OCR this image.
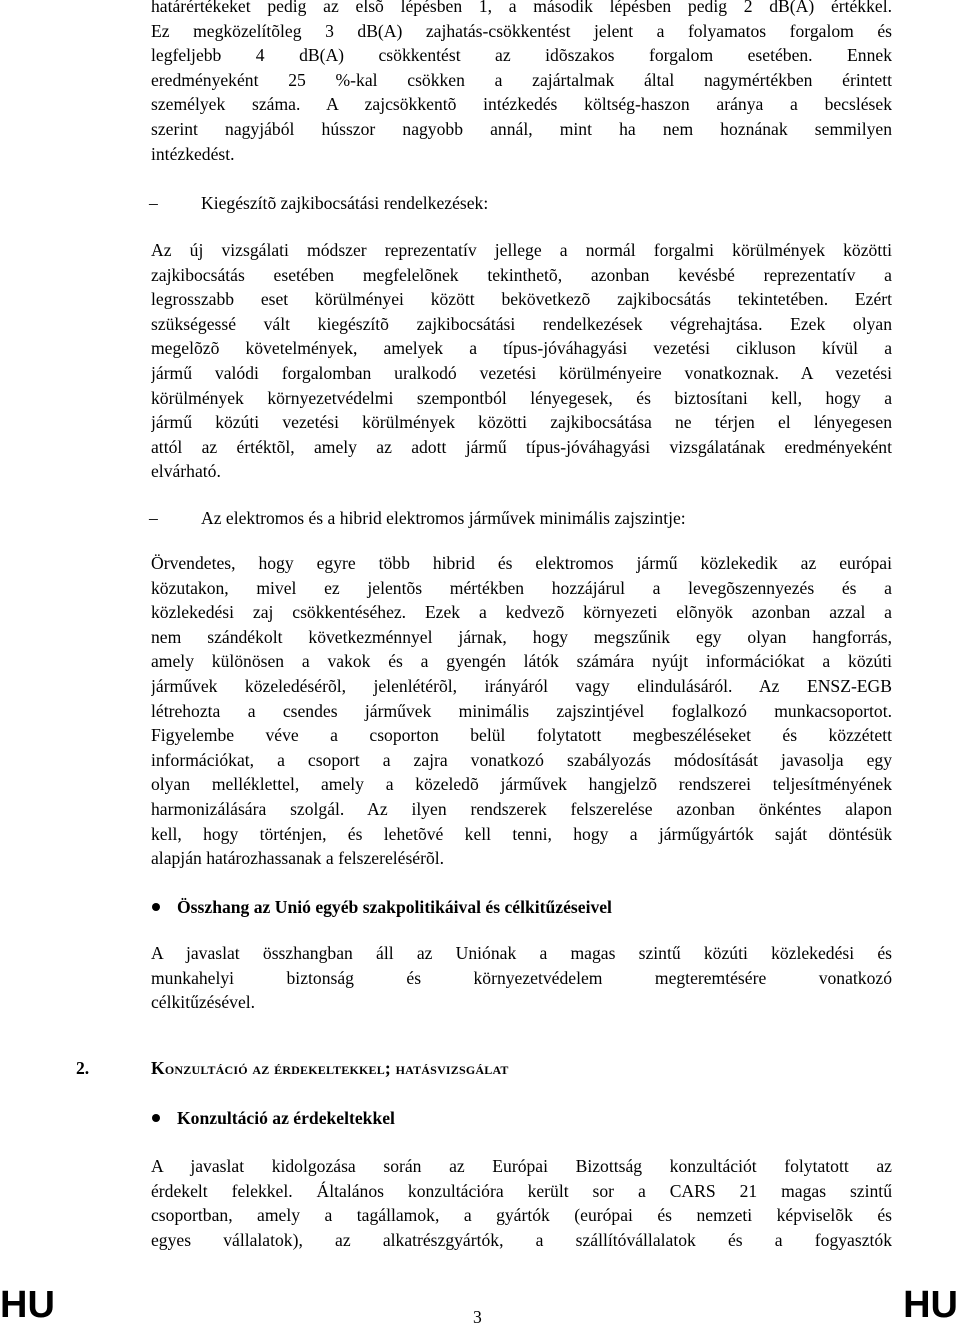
határértékeket pedig az elsõ lépésben 1, a második lépésben pedig 2 dB(A) értékkel.

Ez megközelítõleg 3 dB(A) zajhatás-csökkentést jelent a folyamatos forgalom és

legfeljebb 4 dB(A) csökkentést az idõszakos forgalom esetében. Ennek

eredményeként 25 %-kal csökken a zajártalmak által nagymértékben érintett

személyek száma. A zajcsökkentõ intézkedés költség-haszon aránya a becslések

szerint nagyjából hússzor nagyobb annál, mint ha nem hoznának semmilyen

intézkedést.

–	Kiegészítõ zajkibocsátási rendelkezések:

Az új vizsgálati módszer reprezentatív jellege a normál forgalmi körülmények közötti

zajkibocsátás esetében megfelelõnek tekinthetõ, azonban kevésbé reprezentatív a

legrosszabb eset körülményei között bekövetkezõ zajkibocsátás tekintetében. Ezért

szükségessé vált kiegészítõ zajkibocsátási rendelkezések végrehajtása. Ezek olyan

megelõzõ követelmények, amelyek a típus-jóváhagyási vezetési cikluson kívül a

jármű valódi forgalomban uralkodó vezetési körülményeire vonatkoznak. A vezetési

körülmények környezetvédelmi szempontból lényegesek, és biztosítani kell, hogy a

jármű közúti vezetési körülmények közötti zajkibocsátása ne térjen el lényegesen

attól az értéktõl, amely az adott jármű típus-jóváhagyási vizsgálatának eredményeként

elvárható.

–	Az elektromos és a hibrid elektromos járművek minimális zajszintje:

Örvendetes, hogy egyre több hibrid és elektromos jármű közlekedik az európai

közutakon, mivel ez jelentõs mértékben hozzájárul a levegõszennyezés és a

közlekedési zaj csökkentéséhez. Ezek a kedvezõ környezeti elõnyök azonban azzal a

nem szándékolt következménnyel járnak, hogy megszűnik egy olyan hangforrás,

amely különösen a vakok és a gyengén látók számára nyújt információkat a közúti

járművek közeledésérõl, jelenlétérõl, irányáról vagy elindulásáról. Az ENSZ-EGB

létrehozta a csendes járművek minimális zajszintjével foglalkozó munkacsoportot.

Figyelembe véve a csoporton belül folytatott megbeszéléseket és közzétett

információkat, a csoport a zajra vonatkozó szabályozás módosítását javasolja egy

olyan melléklettel, amely a közeledõ járművek hangjelzõ rendszerei teljesítményének

harmonizálására szolgál. Az ilyen rendszerek felszerelése azonban önkéntes alapon

kell, hogy történjen, és lehetõvé kell tenni, hogy a járműgyártók saját döntésük

alapján határozhassanak a felszerelésérõl.

Összhang az Unió egyéb szakpolitikáival és célkitűzéseivel

A javaslat összhangban áll az Uniónak a magas szintű közúti közlekedési és

munkahelyi biztonság és környezetvédelem megteremtésére vonatkozó

célkitűzésével.

Konzultáció az érdekeltekkel

A javaslat kidolgozása során az Európai Bizottság konzultációt folytatott az

érdekelt felekkel. Általános konzultációra került sor a CARS 21 magas szintű

csoportban, amely a tagállamok, a gyártók (európai és nemzeti képviselõk és

egyes vállalatok), az alkatrészgyártók, a szállítóvállalatok és a fogyasztók

2.	Konzultáció az érdekeltekkel; hatásvizsgálat
HU	3	HU
